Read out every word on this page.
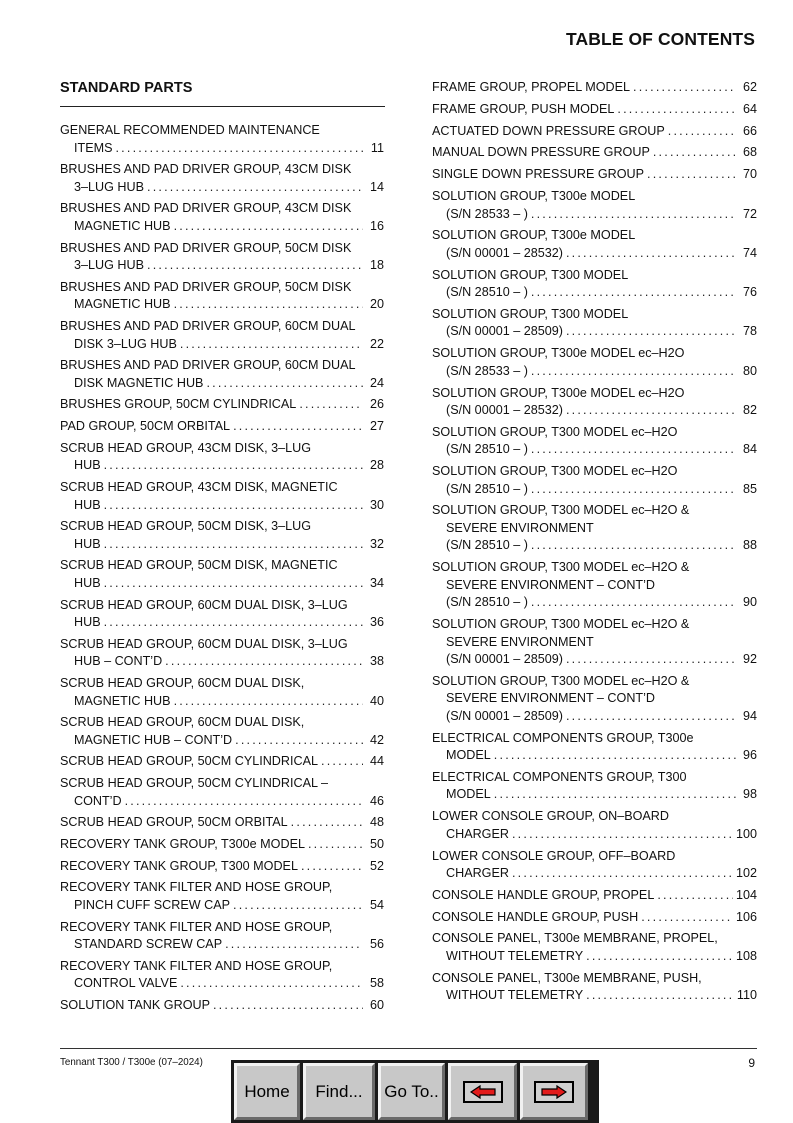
TABLE OF CONTENTS
STANDARD PARTS
GENERAL RECOMMENDED MAINTENANCE
ITEMS .....	11
BRUSHES AND PAD DRIVER GROUP, 43CM DISK
3–LUG HUB .....	14
BRUSHES AND PAD DRIVER GROUP, 43CM DISK
MAGNETIC HUB .....	16
BRUSHES AND PAD DRIVER GROUP, 50CM DISK
3–LUG HUB .....	18
BRUSHES AND PAD DRIVER GROUP, 50CM DISK
MAGNETIC HUB .....	20
BRUSHES AND PAD DRIVER GROUP, 60CM DUAL
DISK 3–LUG HUB .....	22
BRUSHES AND PAD DRIVER GROUP, 60CM DUAL
DISK MAGNETIC HUB .....	24
BRUSHES GROUP, 50CM CYLINDRICAL .....	26
PAD GROUP, 50CM ORBITAL .....	27
SCRUB HEAD GROUP, 43CM DISK, 3–LUG
HUB .....	28
SCRUB HEAD GROUP, 43CM DISK, MAGNETIC
HUB .....	30
SCRUB HEAD GROUP, 50CM DISK, 3–LUG
HUB .....	32
SCRUB HEAD GROUP, 50CM DISK, MAGNETIC
HUB .....	34
SCRUB HEAD GROUP, 60CM DUAL DISK, 3–LUG
HUB .....	36
SCRUB HEAD GROUP, 60CM DUAL DISK, 3–LUG
HUB – CONT’D .....	38
SCRUB HEAD GROUP, 60CM DUAL DISK,
MAGNETIC HUB .....	40
SCRUB HEAD GROUP, 60CM DUAL DISK,
MAGNETIC HUB – CONT’D .....	42
SCRUB HEAD GROUP, 50CM CYLINDRICAL .....	44
SCRUB HEAD GROUP, 50CM CYLINDRICAL –
CONT’D .....	46
SCRUB HEAD GROUP, 50CM ORBITAL .....	48
RECOVERY TANK GROUP, T300e MODEL .....	50
RECOVERY TANK GROUP, T300 MODEL .....	52
RECOVERY TANK FILTER AND HOSE GROUP,
PINCH CUFF SCREW CAP .....	54
RECOVERY TANK FILTER AND HOSE GROUP,
STANDARD SCREW CAP .....	56
RECOVERY TANK FILTER AND HOSE GROUP,
CONTROL VALVE .....	58
SOLUTION TANK GROUP .....	60
FRAME GROUP, PROPEL MODEL .....	62
FRAME GROUP, PUSH MODEL .....	64
ACTUATED DOWN PRESSURE GROUP .....	66
MANUAL DOWN PRESSURE GROUP .....	68
SINGLE DOWN PRESSURE GROUP .....	70
SOLUTION GROUP, T300e MODEL
(S/N 28533 – ) .....	72
SOLUTION GROUP, T300e MODEL
(S/N 00001 – 28532) .....	74
SOLUTION GROUP, T300 MODEL
(S/N 28510 – ) .....	76
SOLUTION GROUP, T300 MODEL
(S/N 00001 – 28509) .....	78
SOLUTION GROUP, T300e MODEL ec–H2O
(S/N 28533 – ) .....	80
SOLUTION GROUP, T300e MODEL ec–H2O
(S/N 00001 – 28532) .....	82
SOLUTION GROUP, T300 MODEL ec–H2O
(S/N 28510 – ) .....	84
SOLUTION GROUP, T300 MODEL ec–H2O
(S/N 28510 – ) .....	85
SOLUTION GROUP, T300 MODEL ec–H2O &
SEVERE ENVIRONMENT
(S/N 28510 – ) .....	88
SOLUTION GROUP, T300 MODEL ec–H2O &
SEVERE ENVIRONMENT – CONT’D
(S/N 28510 – ) .....	90
SOLUTION GROUP, T300 MODEL ec–H2O &
SEVERE ENVIRONMENT
(S/N 00001 – 28509) .....	92
SOLUTION GROUP, T300 MODEL ec–H2O &
SEVERE ENVIRONMENT – CONT’D
(S/N 00001 – 28509) .....	94
ELECTRICAL COMPONENTS GROUP, T300e
MODEL .....	96
ELECTRICAL COMPONENTS GROUP, T300
MODEL .....	98
LOWER CONSOLE GROUP, ON–BOARD
CHARGER .....	100
LOWER CONSOLE GROUP, OFF–BOARD
CHARGER .....	102
CONSOLE HANDLE GROUP, PROPEL .....	104
CONSOLE HANDLE GROUP, PUSH .....	106
CONSOLE PANEL, T300e MEMBRANE, PROPEL,
WITHOUT TELEMETRY .....	108
CONSOLE PANEL, T300e MEMBRANE, PUSH,
WITHOUT TELEMETRY .....	110
Tennant T300 / T300e (07–2024)	9
Home	Find...	Go To..
